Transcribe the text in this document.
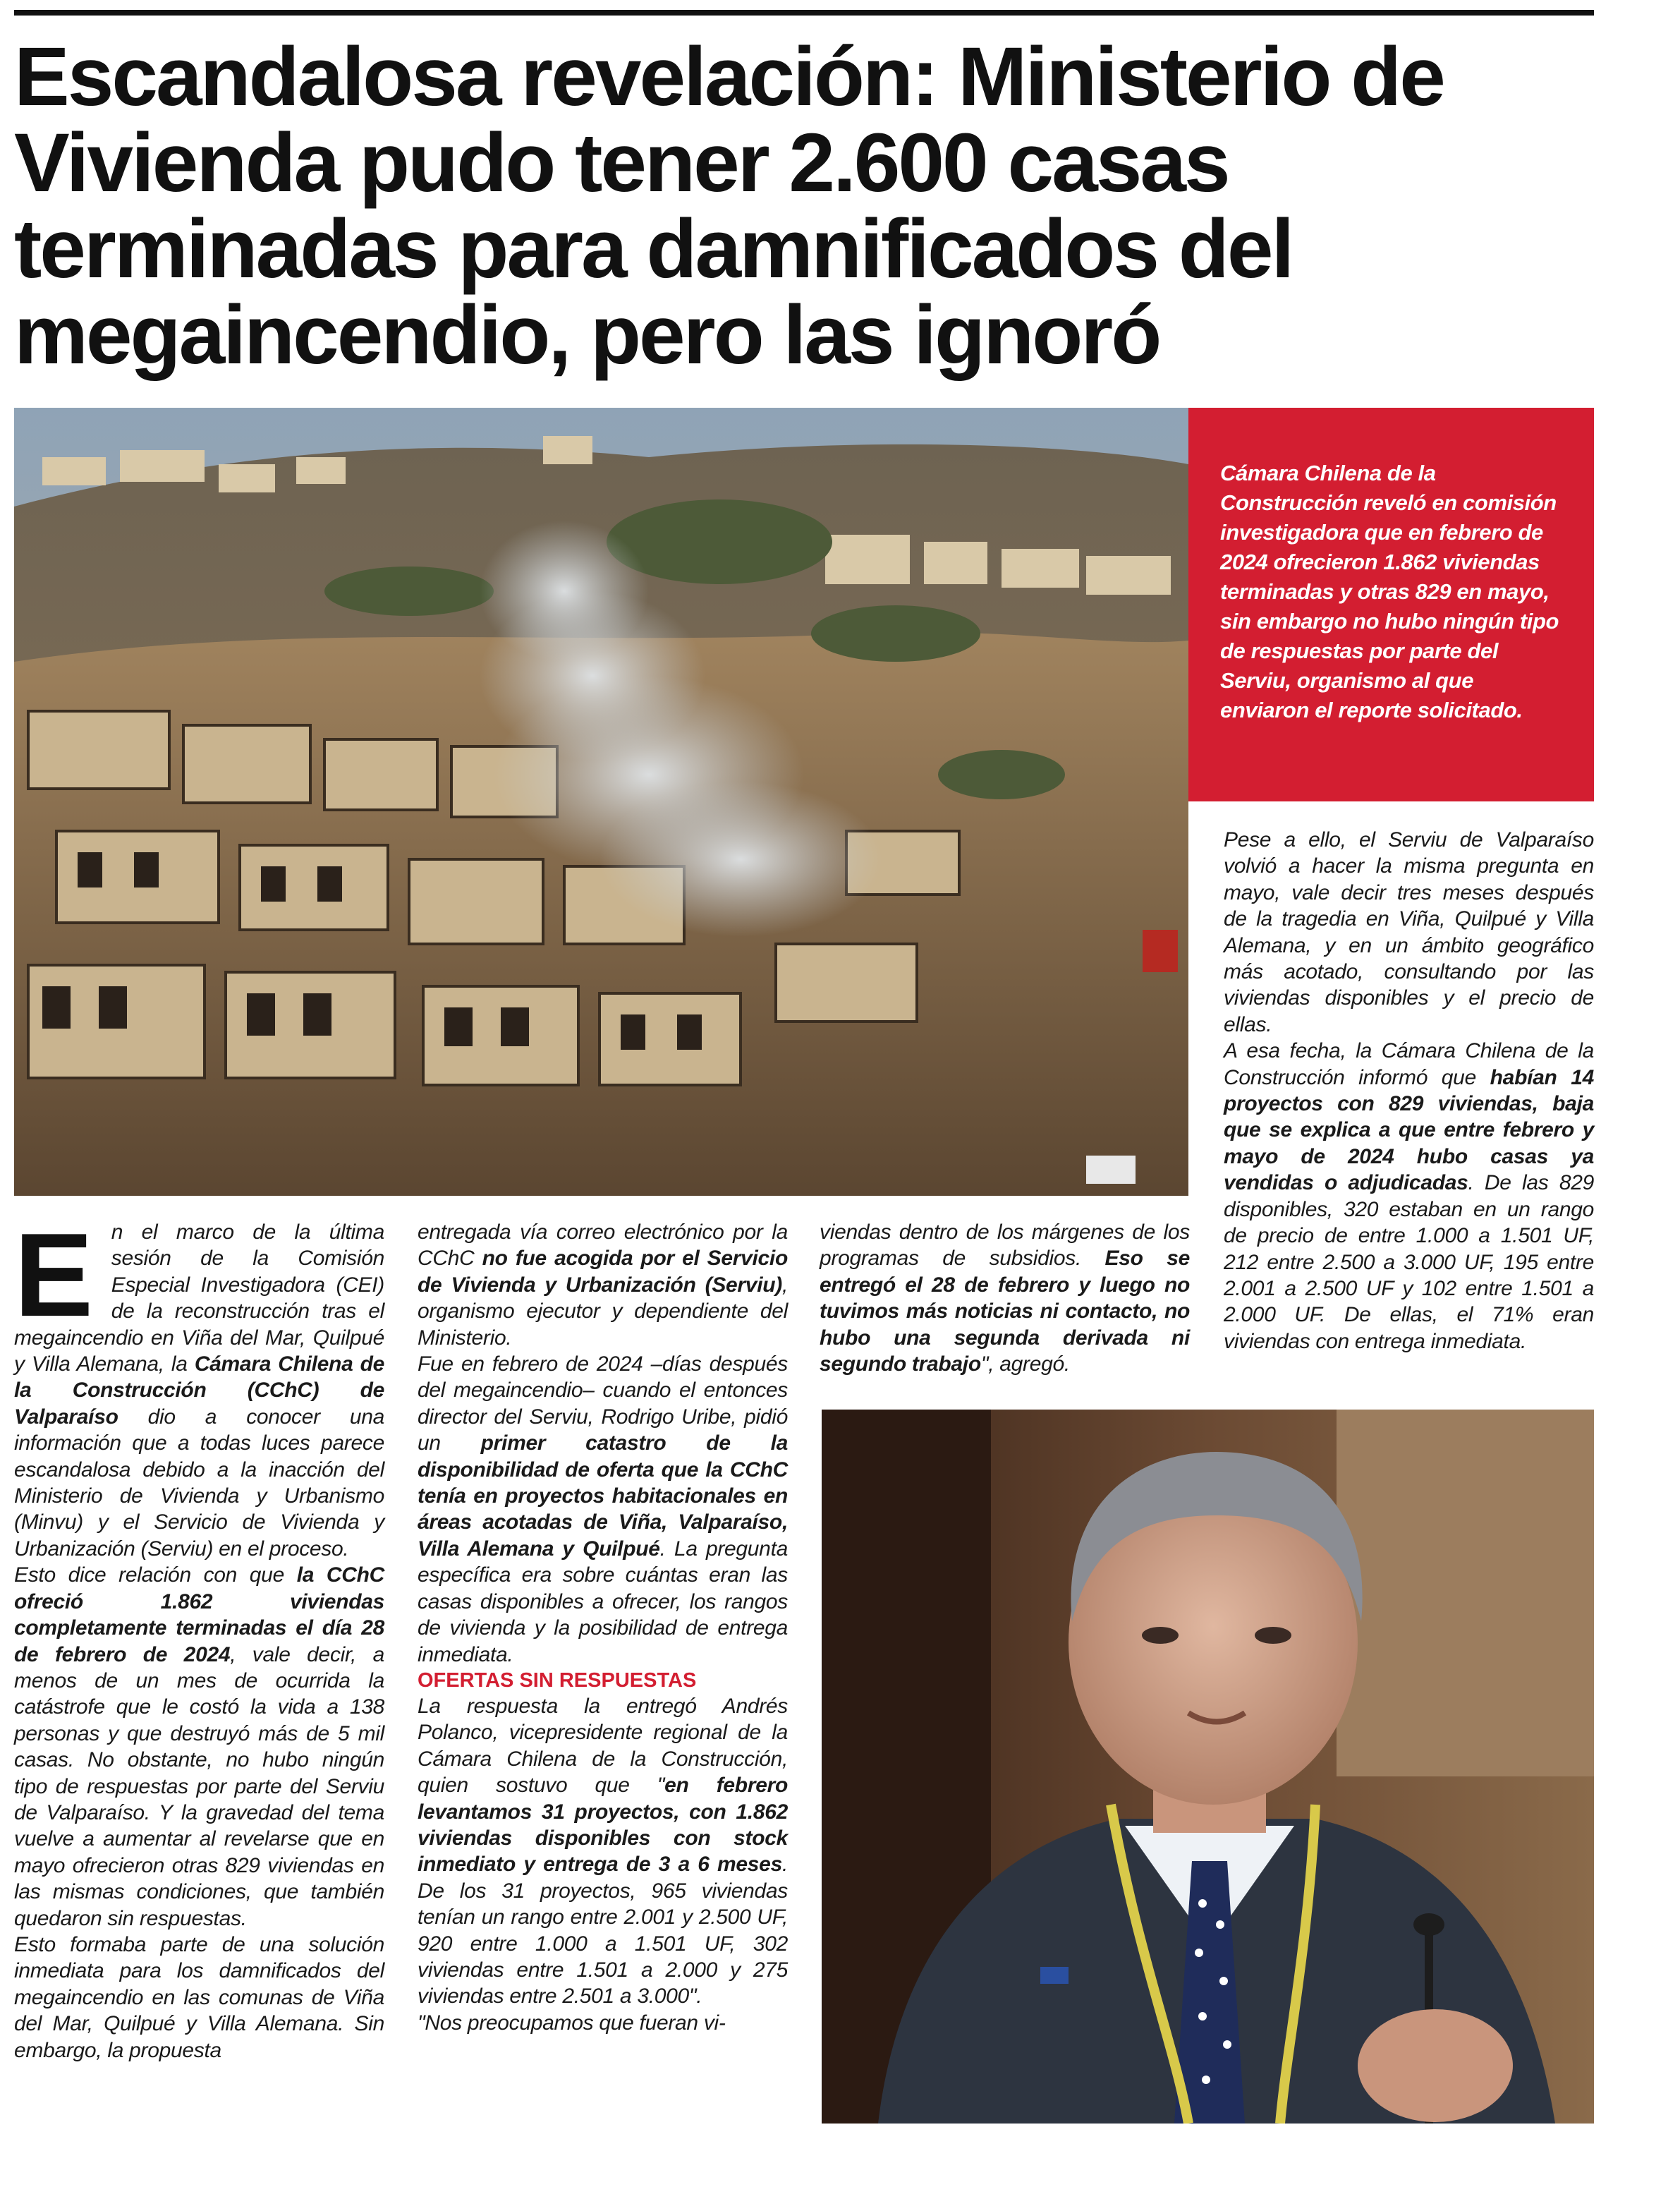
Escandalosa revelación: Ministerio de Vivienda pudo tener 2.600 casas terminadas para damnificados del megaincendio, pero las ignoró
Cámara Chilena de la Construcción reveló en comisión investigadora que en febrero de 2024 ofrecieron 1.862 viviendas terminadas y otras 829 en mayo, sin embargo no hubo ningún tipo de respuestas por parte del Serviu, organismo al que enviaron el reporte solicitado.

Pese a ello, el Serviu de Valparaíso volvió a hacer la misma pregunta en mayo, vale decir tres meses después de la tragedia en Viña, Quilpué y Villa Alemana, y en un ámbito geográfico más acotado, consultando por las viviendas disponibles y el precio de ellas.

A esa fecha, la Cámara Chilena de la Construcción informó que habían 14 proyectos con 829 viviendas, baja que se explica a que entre febrero y mayo de 2024 hubo casas ya vendidas o adjudicadas. De las 829 disponibles, 320 estaban en un rango de precio de entre 1.000 a 1.501 UF, 212 entre 2.500 a 3.000 UF, 195 entre 2.001 a 2.500 UF y 102 entre 1.501 a 2.000 UF. De ellas, el 71% eran viviendas con entrega inmediata.

En el marco de la última sesión de la Comisión Especial Investigadora (CEI) de la reconstrucción tras el megaincendio en Viña del Mar, Quilpué y Villa Alemana, la Cámara Chilena de la Construcción (CChC) de Valparaíso dio a conocer una información que a todas luces parece escandalosa debido a la inacción del Ministerio de Vivienda y Urbanismo (Minvu) y el Servicio de Vivienda y Urbanización (Serviu) en el proceso.

Esto dice relación con que la CChC ofreció 1.862 viviendas completamente terminadas el día 28 de febrero de 2024, vale decir, a menos de un mes de ocurrida la catástrofe que le costó la vida a 138 personas y que destruyó más de 5 mil casas. No obstante, no hubo ningún tipo de respuestas por parte del Serviu de Valparaíso. Y la gravedad del tema vuelve a aumentar al revelarse que en mayo ofrecieron otras 829 viviendas en las mismas condiciones, que también quedaron sin respuestas.

Esto formaba parte de una solución inmediata para los damnificados del megaincendio en las comunas de Viña del Mar, Quilpué y Villa Alemana. Sin embargo, la propuesta

entregada vía correo electrónico por la CChC no fue acogida por el Servicio de Vivienda y Urbanización (Serviu), organismo ejecutor y dependiente del Ministerio.

Fue en febrero de 2024 –días después del megaincendio– cuando el entonces director del Serviu, Rodrigo Uribe, pidió un primer catastro de la disponibilidad de oferta que la CChC tenía en proyectos habitacionales en áreas acotadas de Viña, Valparaíso, Villa Alemana y Quilpué. La pregunta específica era sobre cuántas eran las casas disponibles a ofrecer, los rangos de vivienda y la posibilidad de entrega inmediata.

OFERTAS SIN RESPUESTAS

La respuesta la entregó Andrés Polanco, vicepresidente regional de la Cámara Chilena de la Construcción, quien sostuvo que "en febrero levantamos 31 proyectos, con 1.862 viviendas disponibles con stock inmediato y entrega de 3 a 6 meses. De los 31 proyectos, 965 viviendas tenían un rango entre 2.001 y 2.500 UF, 920 entre 1.000 a 1.501 UF, 302 viviendas entre 1.501 a 2.000 y 275 viviendas entre 2.501 a 3.000".

"Nos preocupamos que fueran vi-

viendas dentro de los márgenes de los programas de subsidios. Eso se entregó el 28 de febrero y luego no tuvimos más noticias ni contacto, no hubo una segunda derivada ni segundo trabajo", agregó.
